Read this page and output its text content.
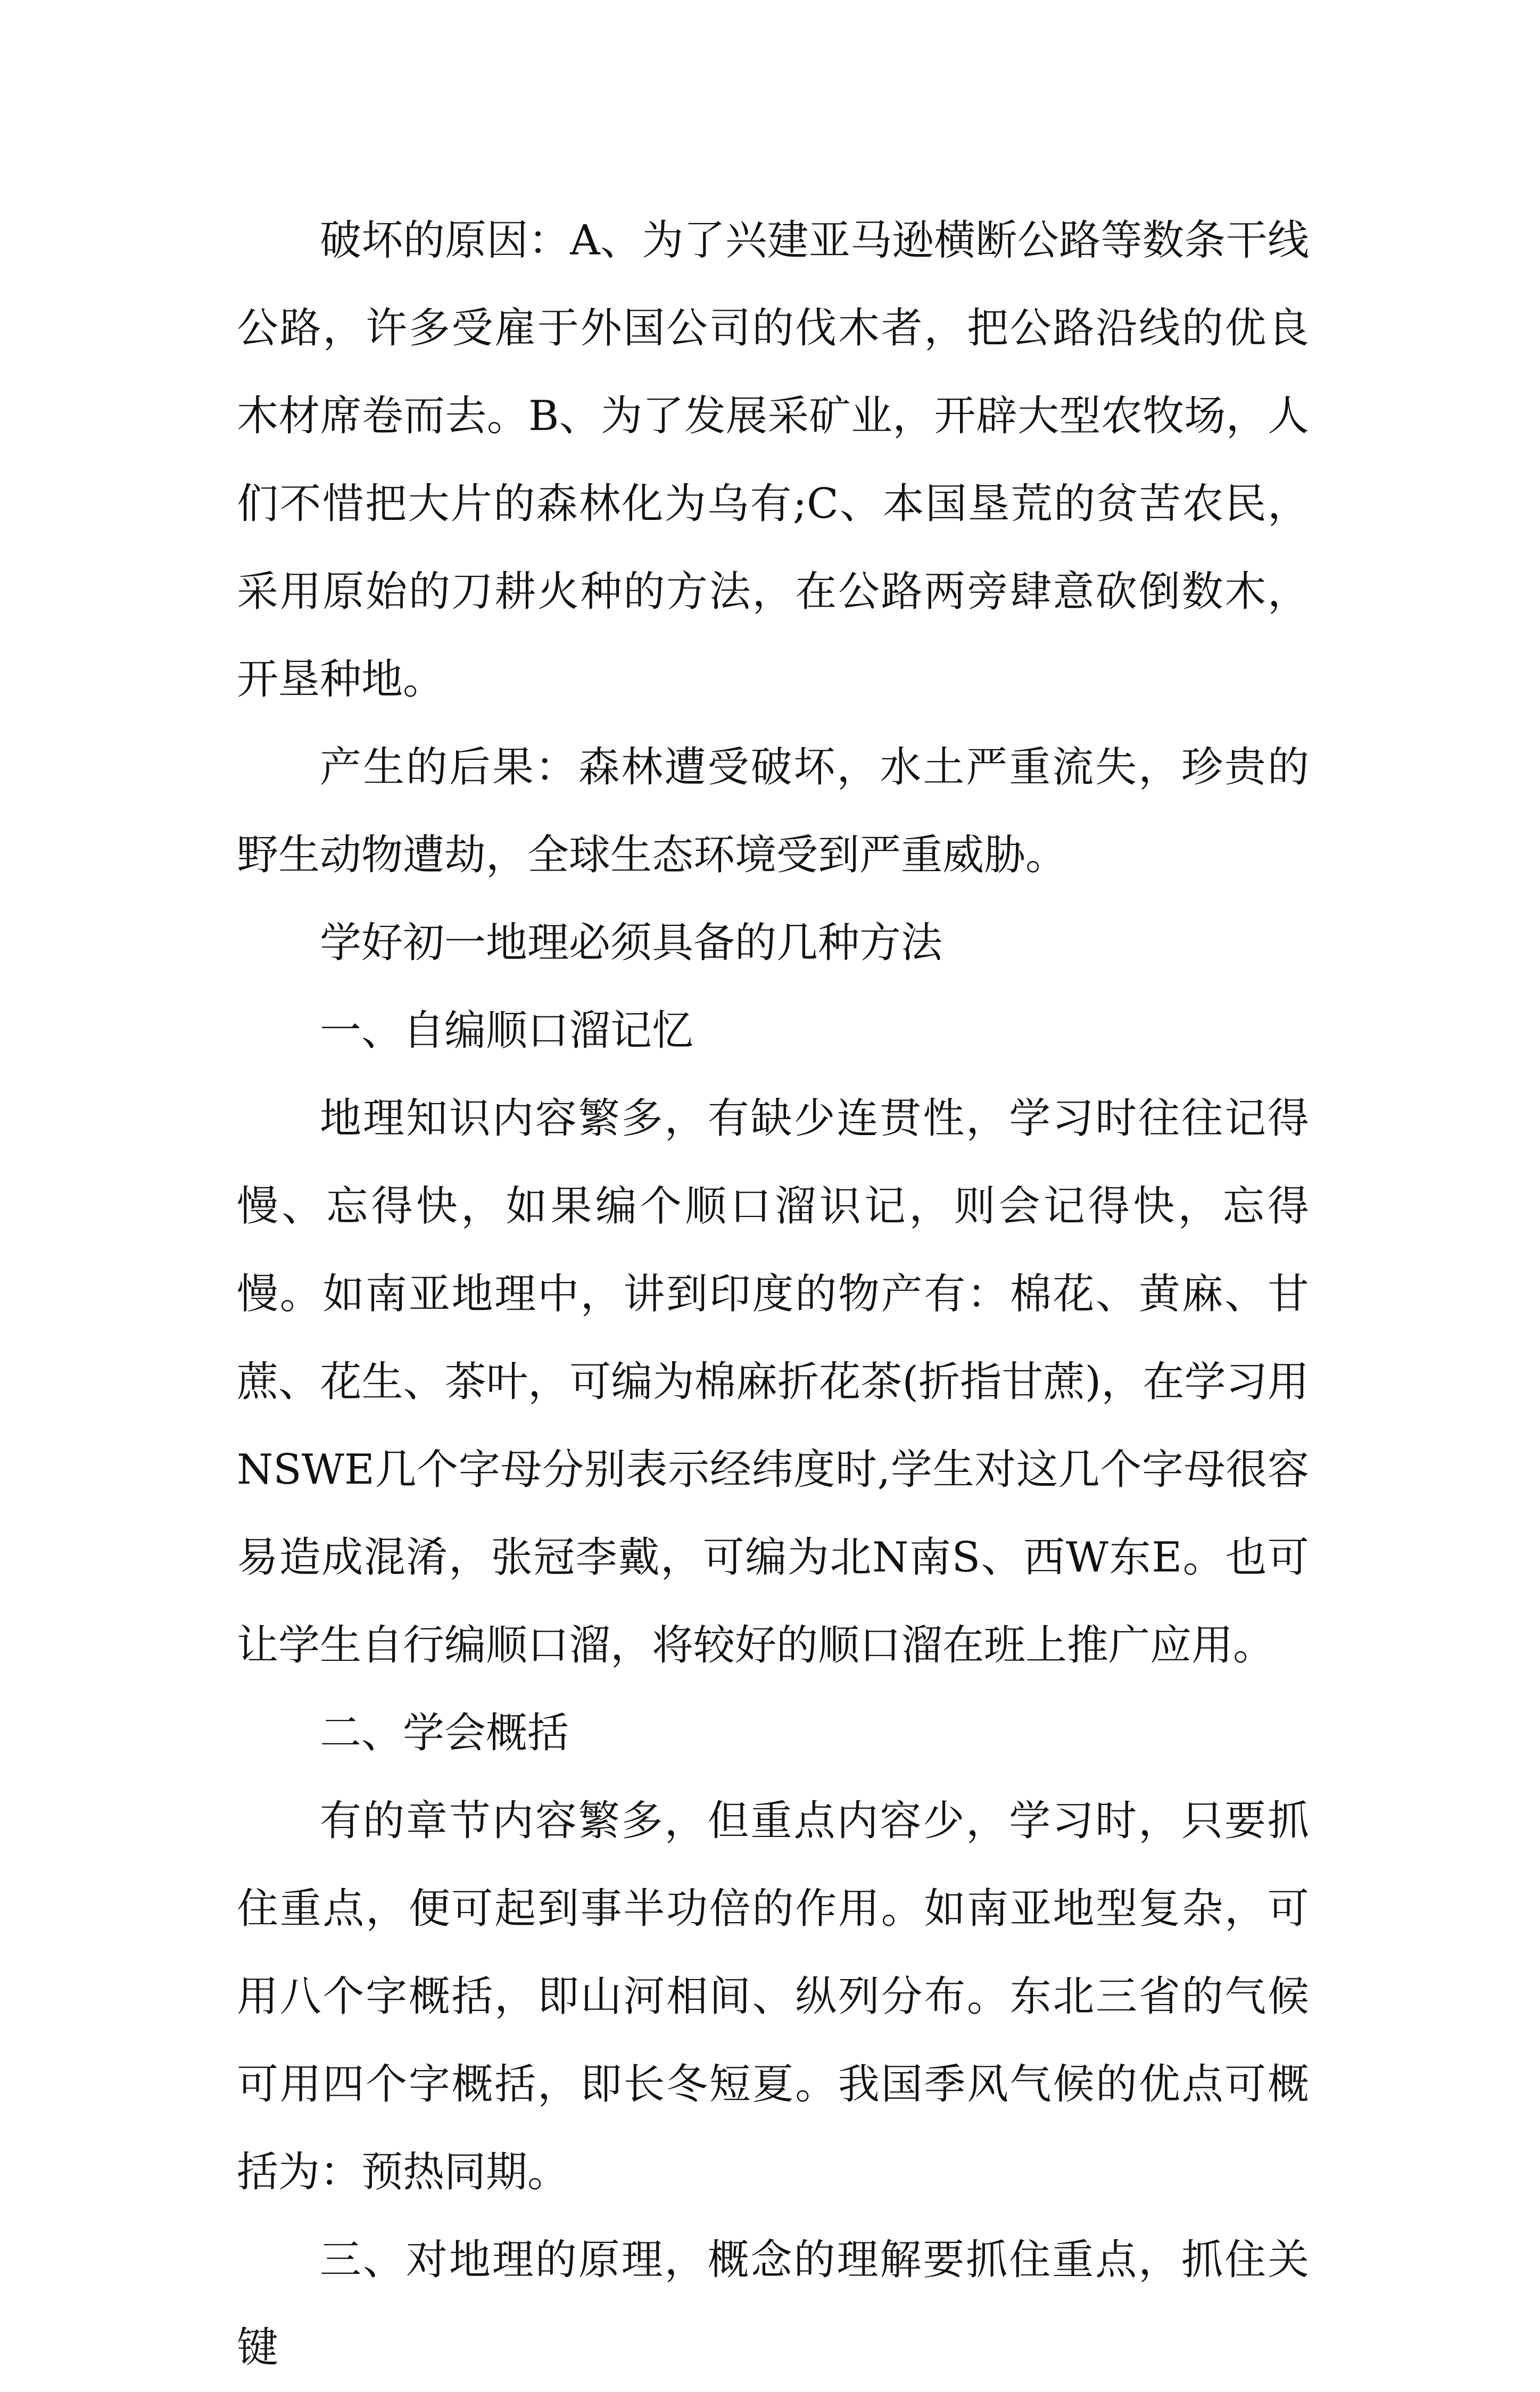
破坏的原因：A、为了兴建亚马逊横断公路等数条干线公路，许多受雇于外国公司的伐木者，把公路沿线的优良木材席卷而去。B、为了发展采矿业，开辟大型农牧场，人们不惜把大片的森林化为乌有;C、本国垦荒的贫苦农民，采用原始的刀耕火种的方法，在公路两旁肆意砍倒数木，开垦种地。

产生的后果：森林遭受破坏，水土严重流失，珍贵的野生动物遭劫，全球生态环境受到严重威胁。

学好初一地理必须具备的几种方法

一、自编顺口溜记忆

地理知识内容繁多，有缺少连贯性，学习时往往记得慢、忘得快，如果编个顺口溜识记，则会记得快，忘得慢。如南亚地理中，讲到印度的物产有：棉花、黄麻、甘蔗、花生、茶叶，可编为棉麻折花茶(折指甘蔗)，在学习用NSWE几个字母分别表示经纬度时,学生对这几个字母很容易造成混淆，张冠李戴，可编为北N南S、西W东E。也可让学生自行编顺口溜，将较好的顺口溜在班上推广应用。

二、学会概括

有的章节内容繁多，但重点内容少，学习时，只要抓住重点，便可起到事半功倍的作用。如南亚地型复杂，可用八个字概括，即山河相间、纵列分布。东北三省的气候可用四个字概括，即长冬短夏。我国季风气候的优点可概括为：预热同期。

三、对地理的原理，概念的理解要抓住重点，抓住关键
